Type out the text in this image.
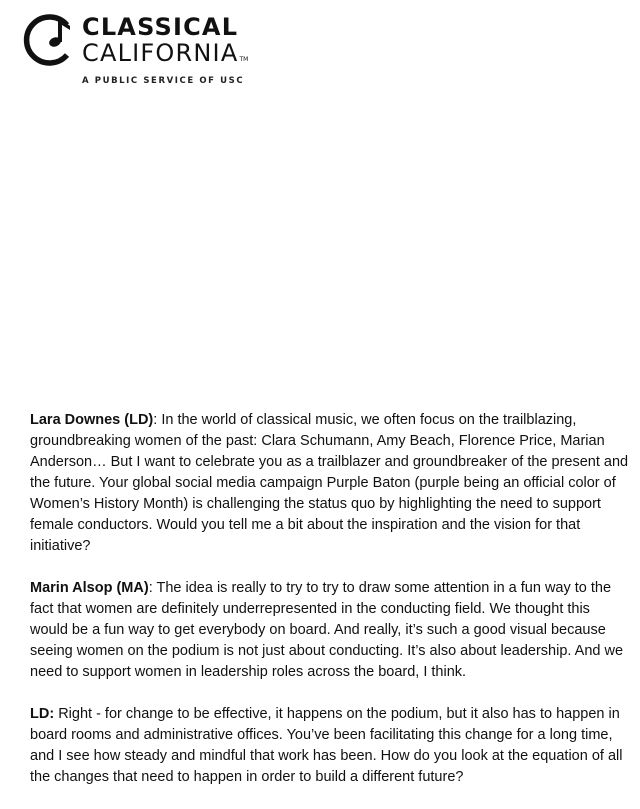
CLASSICAL
CALIFORNIATM
A PUBLIC SERVICE OF USC

Lara Downes (LD): In the world of classical music, we often focus on the trailblazing, groundbreaking women of the past: Clara Schumann, Amy Beach, Florence Price, Marian Anderson… But I want to celebrate you as a trailblazer and groundbreaker of the present and the future. Your global social media campaign Purple Baton (purple being an official color of Women’s History Month) is challenging the status quo by highlighting the need to support female conductors. Would you tell me a bit about the inspiration and the vision for that initiative?

Marin Alsop (MA): The idea is really to try to try to draw some attention in a fun way to the fact that women are definitely underrepresented in the conducting field. We thought this would be a fun way to get everybody on board. And really, it’s such a good visual because seeing women on the podium is not just about conducting. It’s also about leadership. And we need to support women in leadership roles across the board, I think.

LD: Right - for change to be effective, it happens on the podium, but it also has to happen in board rooms and administrative offices. You’ve been facilitating this change for a long time, and I see how steady and mindful that work has been. How do you look at the equation of all the changes that need to happen in order to build a different future?
